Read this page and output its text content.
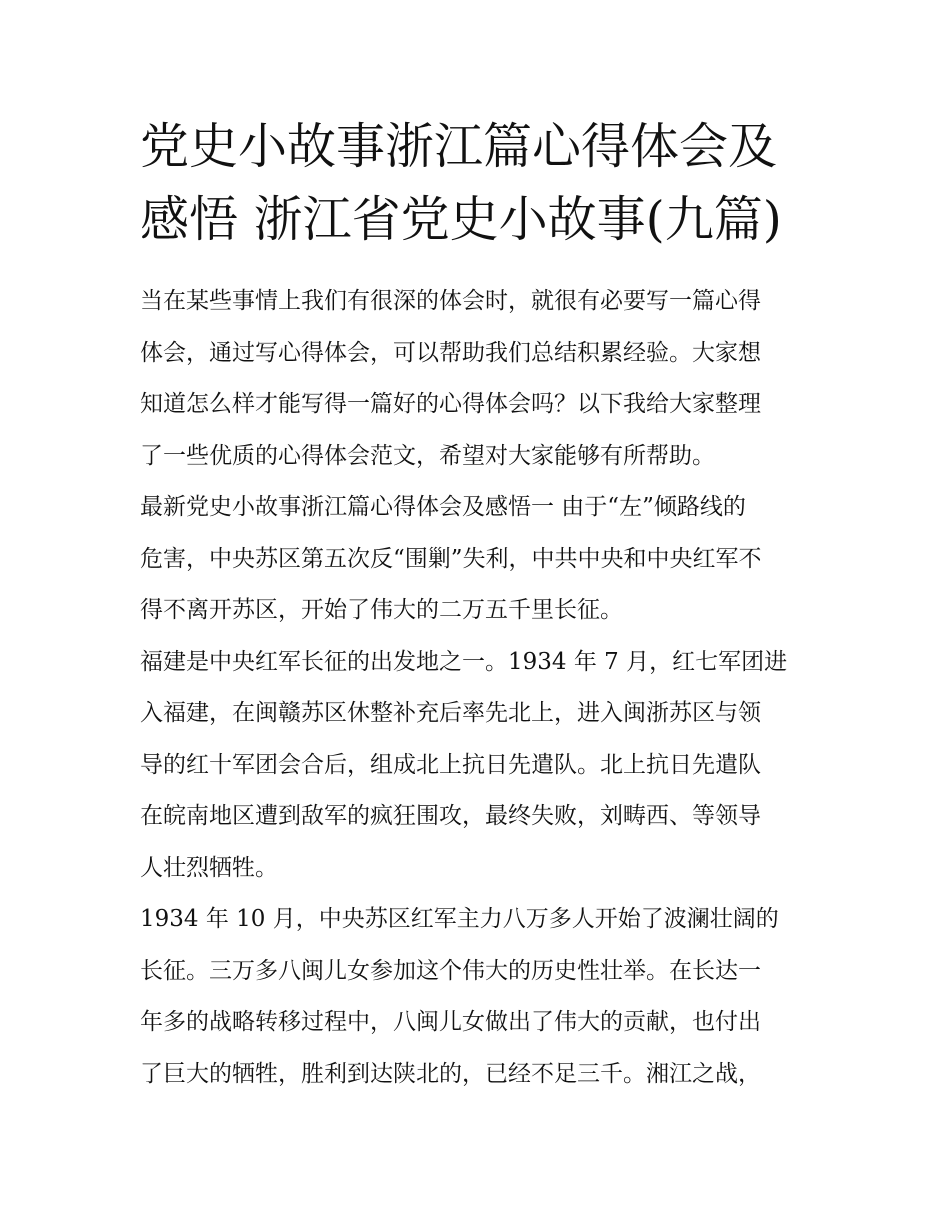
党史小故事浙江篇心得体会及
感悟 浙江省党史小故事(九篇)
当在某些事情上我们有很深的体会时，就很有必要写一篇心得
体会，通过写心得体会，可以帮助我们总结积累经验。大家想
知道怎么样才能写得一篇好的心得体会吗？以下我给大家整理
了一些优质的心得体会范文，希望对大家能够有所帮助。
最新党史小故事浙江篇心得体会及感悟一 由于“左”倾路线的
危害，中央苏区第五次反“围剿”失利，中共中央和中央红军不
得不离开苏区，开始了伟大的二万五千里长征。
福建是中央红军长征的出发地之一。1934 年 7 月，红七军团进
入福建，在闽赣苏区休整补充后率先北上，进入闽浙苏区与领
导的红十军团会合后，组成北上抗日先遣队。北上抗日先遣队
在皖南地区遭到敌军的疯狂围攻，最终失败，刘畴西、等领导
人壮烈牺牲。
1934 年 10 月，中央苏区红军主力八万多人开始了波澜壮阔的
长征。三万多八闽儿女参加这个伟大的历史性壮举。在长达一
年多的战略转移过程中，八闽儿女做出了伟大的贡献，也付出
了巨大的牺牲，胜利到达陕北的，已经不足三千。湘江之战，
